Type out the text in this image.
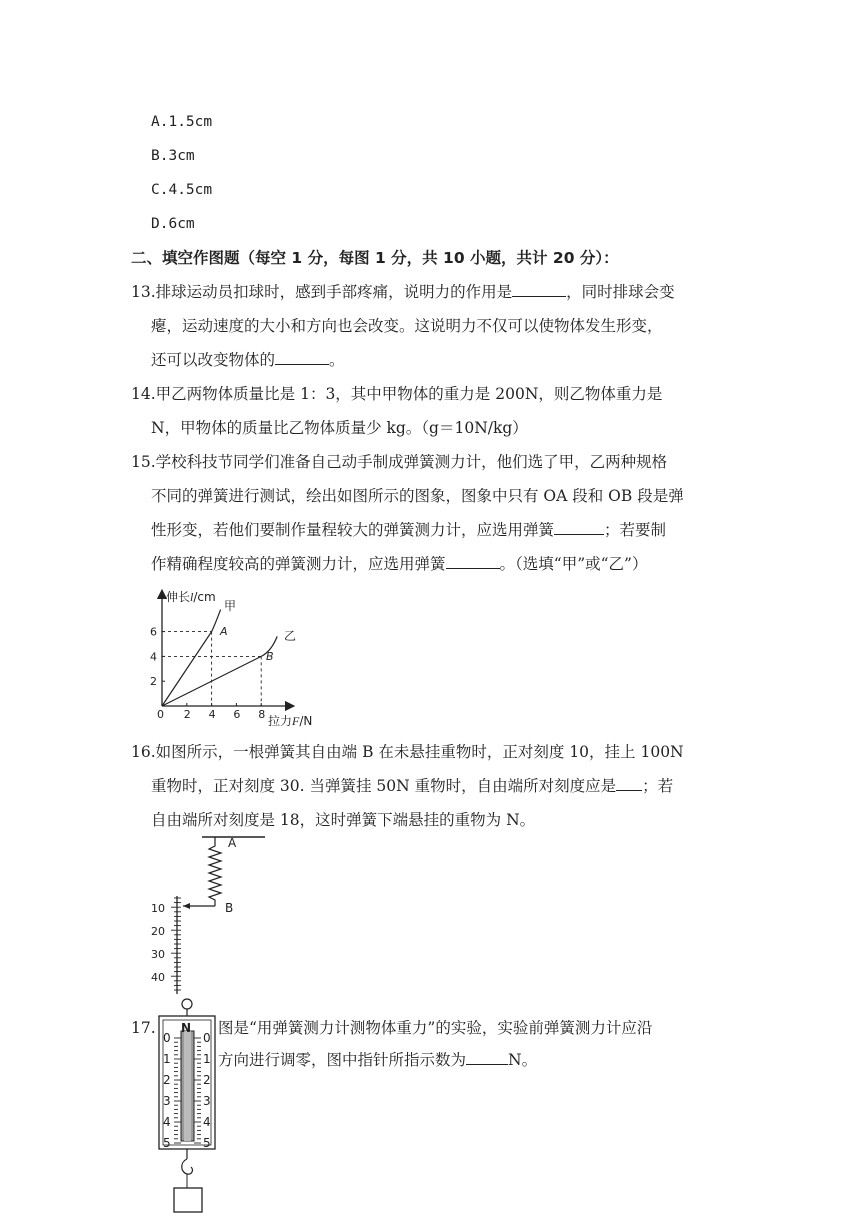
A.1.5cm
B.3cm
C.4.5cm
D.6cm
二、填空作图题（每空 1 分，每图 1 分，共 10 小题，共计 20 分）：
13.排球运动员扣球时，感到手部疼痛，说明力的作用是	，同时排球会变
瘪，运动速度的大小和方向也会改变。这说明力不仅可以使物体发生形变，
还可以改变物体的	。
14.甲乙两物体质量比是 1：3，其中甲物体的重力是 200N，则乙物体重力是
N，甲物体的质量比乙物体质量少 kg。（g＝10N/kg）
15.学校科技节同学们准备自己动手制成弹簧测力计，他们选了甲，乙两种规格
不同的弹簧进行测试，绘出如图所示的图象，图象中只有 OA 段和 OB 段是弹
性形变，若他们要制作量程较大的弹簧测力计，应选用弹簧	；若要制
作精确程度较高的弹簧测力计，应选用弹簧	。（选填“甲”或“乙”）
伸长l/cm
拉力F/N
2 4 6 8
2
4
6
0
甲
乙
A
B
16.如图所示，一根弹簧其自由端 B 在未悬挂重物时，正对刻度 10，挂上 100N
重物时，正对刻度 30. 当弹簧挂 50N 重物时，自由端所对刻度应是 ；若
自由端所对刻度是 18，这时弹簧下端悬挂的重物为 N。
A
B
10
20
30
40
17.	图是“用弹簧测力计测物体重力”的实验，实验前弹簧测力计应沿
方向进行调零，图中指针所指示数为	N。
N
0
1
2
3
4
5
0
1
2
3
4
5
